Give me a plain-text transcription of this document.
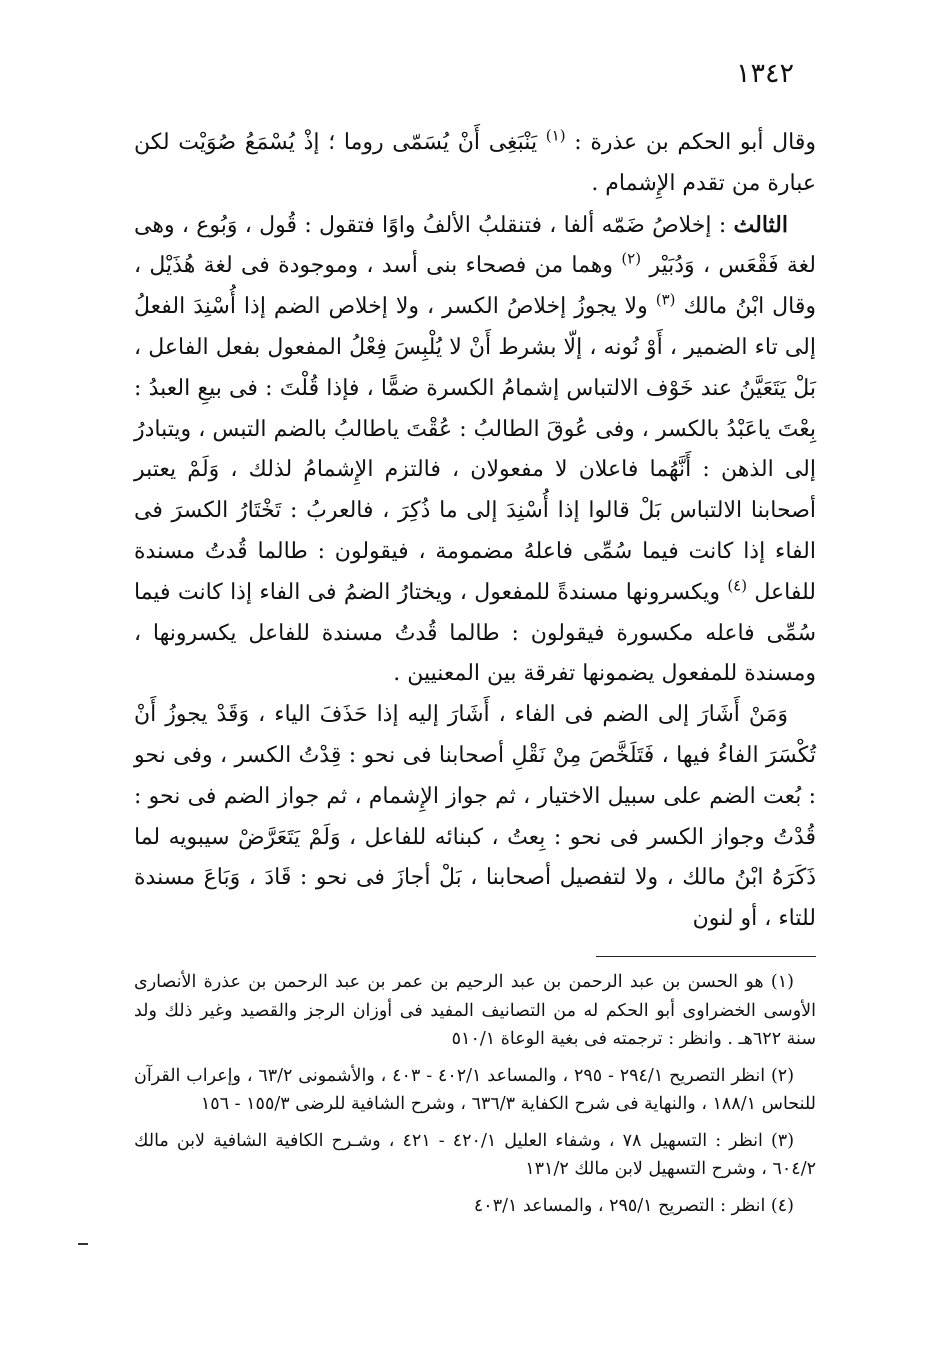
١٣٤٢

وقال أبو الحكم بن عذرة : $^{(١)}$ يَنْبَغِى أَنْ يُسَمّى روما ؛ إذْ يُسْمَعُ صُوَيْت لكن عبارة من تقدم الإِشمام .

الثالث : إخلاصُ ضَمّه ألفا ، فتنقلبُ الألفُ واوًا فتقول : قُول ، وَبُوع ، وهى لغة فَقْعَس ، وَدُبَيْر $^{(٢)}$ وهما من فصحاء بنى أسد ، وموجودة فى لغة هُذَيْل ، وقال ابْنُ مالك $^{(٣)}$ ولا يجوزُ إخلاصُ الكسر ، ولا إخلاص الضم إذا أُسْنِدَ الفعلُ إلى تاء الضمير ، أَوْ نُونه ، إلّا بشرط أَنْ لا يُلْبِسَ فِعْلُ المفعول بفعل الفاعل ، بَلْ يَتَعَيَّنُ عند خَوْف الالتباس إشمامُ الكسرة ضمًّا ، فإذا قُلْتَ : فى بيعِ العبدُ : بِعْتَ ياعَبْدُ بالكسر ، وفى عُوقَ الطالبُ : عُقْتَ ياطالبُ بالضم التبس ، ويتبادرُ إلى الذهن : أَنَّهُما فاعلان لا مفعولان ، فالتزم الإِشمامُ لذلك ، وَلَمْ يعتبر أصحابنا الالتباس بَلْ قالوا إذا أُسْنِدَ إلى ما ذُكِرَ ، فالعربُ : تَخْتَارُ الكسرَ فى الفاء إذا كانت فيما سُمِّى فاعلهُ مضمومة ، فيقولون : طالما قُدتُ مسندة للفاعل $^{(٤)}$ ويكسرونها مسندةً للمفعول ، ويختارُ الضمُ فى الفاء إذا كانت فيما سُمِّى فاعله مكسورة فيقولون : طالما قُدتُ مسندة للفاعل يكسرونها ، ومسندة للمفعول يضمونها تفرقة بين المعنيين .

وَمَنْ أَشَارَ إلى الضم فى الفاء ، أَشَارَ إليه إذا حَذَفَ الياء ، وَقَدْ يجوزُ أَنْ تُكْسَرَ الفاءُ فيها ، فَتَلَخَّصَ مِنْ نَقْلِ أصحابنا فى نحو : قِدْتُ الكسر ، وفى نحو : بُعت الضم على سبيل الاختيار ، ثم جواز الإِشمام ، ثم جواز الضم فى نحو : قُدْتُ وجواز الكسر فى نحو : بِعتُ ، كبنائه للفاعل ، وَلَمْ يَتَعَرَّضْ سيبويه لما ذَكَرَهُ ابْنُ مالك ، ولا لتفصيل أصحابنا ، بَلْ أجازَ فى نحو : قَادَ ، وَبَاعَ مسندة للتاء ، أو لنون

(١) هو الحسن بن عبد الرحمن بن عبد الرحيم بن عمر بن عبد الرحمن بن عذرة الأنصارى الأوسى الخضراوى أبو الحكم له من التصانيف المفيد فى أوزان الرجز والقصيد وغير ذلك ولد سنة ٦٢٢هـ . وانظر : ترجمته فى بغية الوعاة ٥١٠/١

(٢) انظر التصريح ٢٩٤/١ - ٢٩٥ ، والمساعد ٤٠٢/١ - ٤٠٣ ، والأشمونى ٦٣/٢ ، وإعراب القرآن للنحاس ١٨٨/١ ، والنهاية فى شرح الكفاية ٦٣٦/٣ ، وشرح الشافية للرضى ١٥٥/٣ - ١٥٦

(٣) انظر : التسهيل ٧٨ ، وشفاء العليل ٤٢٠/١ - ٤٢١ ، وشـرح الكافية الشافية لابن مالك ٦٠٤/٢ ، وشرح التسهيل لابن مالك ١٣١/٢

(٤) انظر : التصريح ٢٩٥/١ ، والمساعد ٤٠٣/١
